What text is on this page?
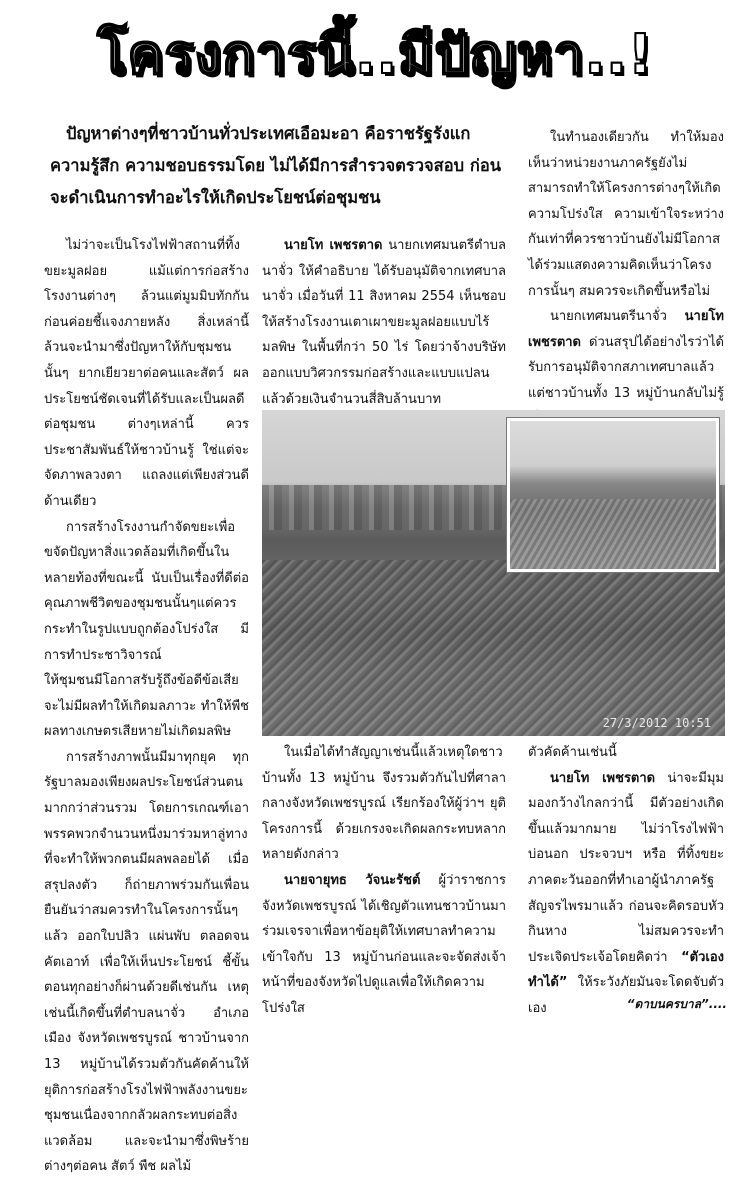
โครงการนี้..มีปัญหา..!

ปัญหาต่างๆที่ชาวบ้านทั่วประเทศเอือมะอา คือราชรัฐรังแกความรู้สึก ความชอบธรรมโดย ไม่ได้มีการสำรวจตรวจสอบ ก่อนจะดำเนินการทำอะไรให้เกิดประโยชน์ต่อชุมชน

ไม่ว่าจะเป็นโรงไฟฟ้าสถานที่ทิ้งขยะมูลฝอย แม้แต่การก่อสร้างโรงงานต่างๆ ล้วนแต่มูมมิบทักกันก่อนค่อยชี้แจงภายหลัง สิ่งเหล่านี้ล้วนจะนำมาซึ่งปัญหาให้กับชุมชนนั้นๆ ยากเยียวยาต่อคนและสัตว์ ผลประโยชน์ชัดเจนที่ได้รับและเป็นผลดีต่อชุมชน ต่างๆเหล่านี้ ควรประชาสัมพันธ์ให้ชาวบ้านรู้ ใช่แต่จะจัดภาพลวงตา แถลงแต่เพียงส่วนดีด้านเดียว

การสร้างโรงงานกำจัดขยะเพื่อขจัดปัญหาสิ่งแวดล้อมที่เกิดขึ้นในหลายท้องที่ขณะนี้ นับเป็นเรื่องที่ดีต่อคุณภาพชีวิตของชุมชนนั้นๆแต่ควรกระทำในรูปแบบถูกต้องโปร่งใส มีการทำประชาวิจารณ์

ให้ชุมชนมีโอกาสรับรู้ถึงข้อดีข้อเสีย จะไม่มีผลทำให้เกิดมลภาวะ ทำให้พืชผลทางเกษตรเสียหายไม่เกิดมลพิษ

การสร้างภาพนั้นมีมาทุกยุค ทุกรัฐบาลมองเพียงผลประโยชน์ส่วนตนมากกว่าส่วนรวม โดยการเกณฑ์เอาพรรคพวกจำนวนหนึ่งมาร่วมหาลู่ทางที่จะทำให้พวกตนมีผลพลอยได้ เมื่อสรุปลงตัว ก็ถ่ายภาพร่วมกันเพื่อนยืนยันว่าสมควรทำในโครงการนั้นๆแล้ว ออกใบปลิว แผ่นพับ ตลอดจนคัตเอาท์ เพื่อให้เห็นประโยชน์ ชี้ขั้นตอนทุกอย่างก็ผ่านด้วยดีเช่นกัน เหตุเช่นนี้เกิดขึ้นที่ตำบลนาจั่ว อำเภอเมือง จังหวัดเพชรบูรณ์ ชาวบ้านจาก 13 หมู่บ้านได้รวมตัวกันคัดค้านให้ยุติการก่อสร้างโรงไฟฟ้าพลังงานขยะชุมชนเนื่องจากกลัวผลกระทบต่อสิ่งแวดล้อม และจะนำมาซึ่งพิษร้ายต่างๆต่อคน สัตว์ พืช ผลไม้

นายโท เพชรตาด นายกเทศมนตรีตำบลนาจั่ว ให้คำอธิบาย ได้รับอนุมัติจากเทศบาลนาจั่ว เมื่อวันที่ 11 สิงหาคม 2554 เห็นชอบให้สร้างโรงงานเตาเผาขยะมูลฝอยแบบไร้มลพิษ ในพื้นที่กว่า 50 ไร่ โดยว่าจ้างบริษัทออกแบบวิศวกรรมก่อสร้างและแบบแปลนแล้วด้วยเงินจำนวนสี่สิบล้านบาท

ในทำนองเดียวกัน ทำให้มองเห็นว่าหน่วยงานภาครัฐยังไม่สามารถทำให้โครงการต่างๆให้เกิดความโปร่งใส ความเข้าใจระหว่างกันเท่าที่ควรชาวบ้านยังไม่มีโอกาสได้ร่วมแสดงความคิดเห็นว่าโครงการนั้นๆ สมควรจะเกิดขึ้นหรือไม่

นายกเทศมนตรีนาจั่ว นายโท เพชรตาด ด่วนสรุปได้อย่างไรว่าได้รับการอนุมัติจากสภาเทศบาลแล้วแต่ชาวบ้านทั้ง 13 หมู่บ้านกลับไม่รู้

27/3/2012 10:51

ในเมื่อได้ทำสัญญาเช่นนี้แล้วเหตุใดชาวบ้านทั้ง 13 หมู่บ้าน จึงรวมตัวกันไปที่ศาลากลางจังหวัดเพชรบูรณ์ เรียกร้องให้ผู้ว่าฯ ยุติโครงการนี้ ด้วยเกรงจะเกิดผลกระทบหลากหลายดังกล่าว

นายจายุทธ วัจนะรัชต์ ผู้ว่าราชการจังหวัดเพชรบูรณ์ ได้เชิญตัวแทนชาวบ้านมาร่วมเจรจาเพื่อหาข้อยุติให้เทศบาลทำความเข้าใจกับ 13 หมู่บ้านก่อนและจะจัดส่งเจ้าหน้าที่ของจังหวัดไปดูแลเพื่อให้เกิดความโปร่งใส

ตัวคัดค้านเช่นนี้

นายโท เพชรตาด น่าจะมีมุมมองกว้างไกลกว่านี้ มีตัวอย่างเกิดขึ้นแล้วมากมาย ไม่ว่าโรงไฟฟ้า บ่อนอก ประจวบฯ หรือ ที่ทิ้งขยะภาคตะวันออกที่ทำเอาผู้นำภาครัฐสัญจรไพรมาแล้ว ก่อนจะคิดรอบหัวกินหาง ไม่สมควรจะทำประเจิดประเจ้อโดยคิดว่า “ตัวเองทำได้” ให้ระวังภัยมันจะโดดจับตัวเอง	“ดาบนครบาล”....
